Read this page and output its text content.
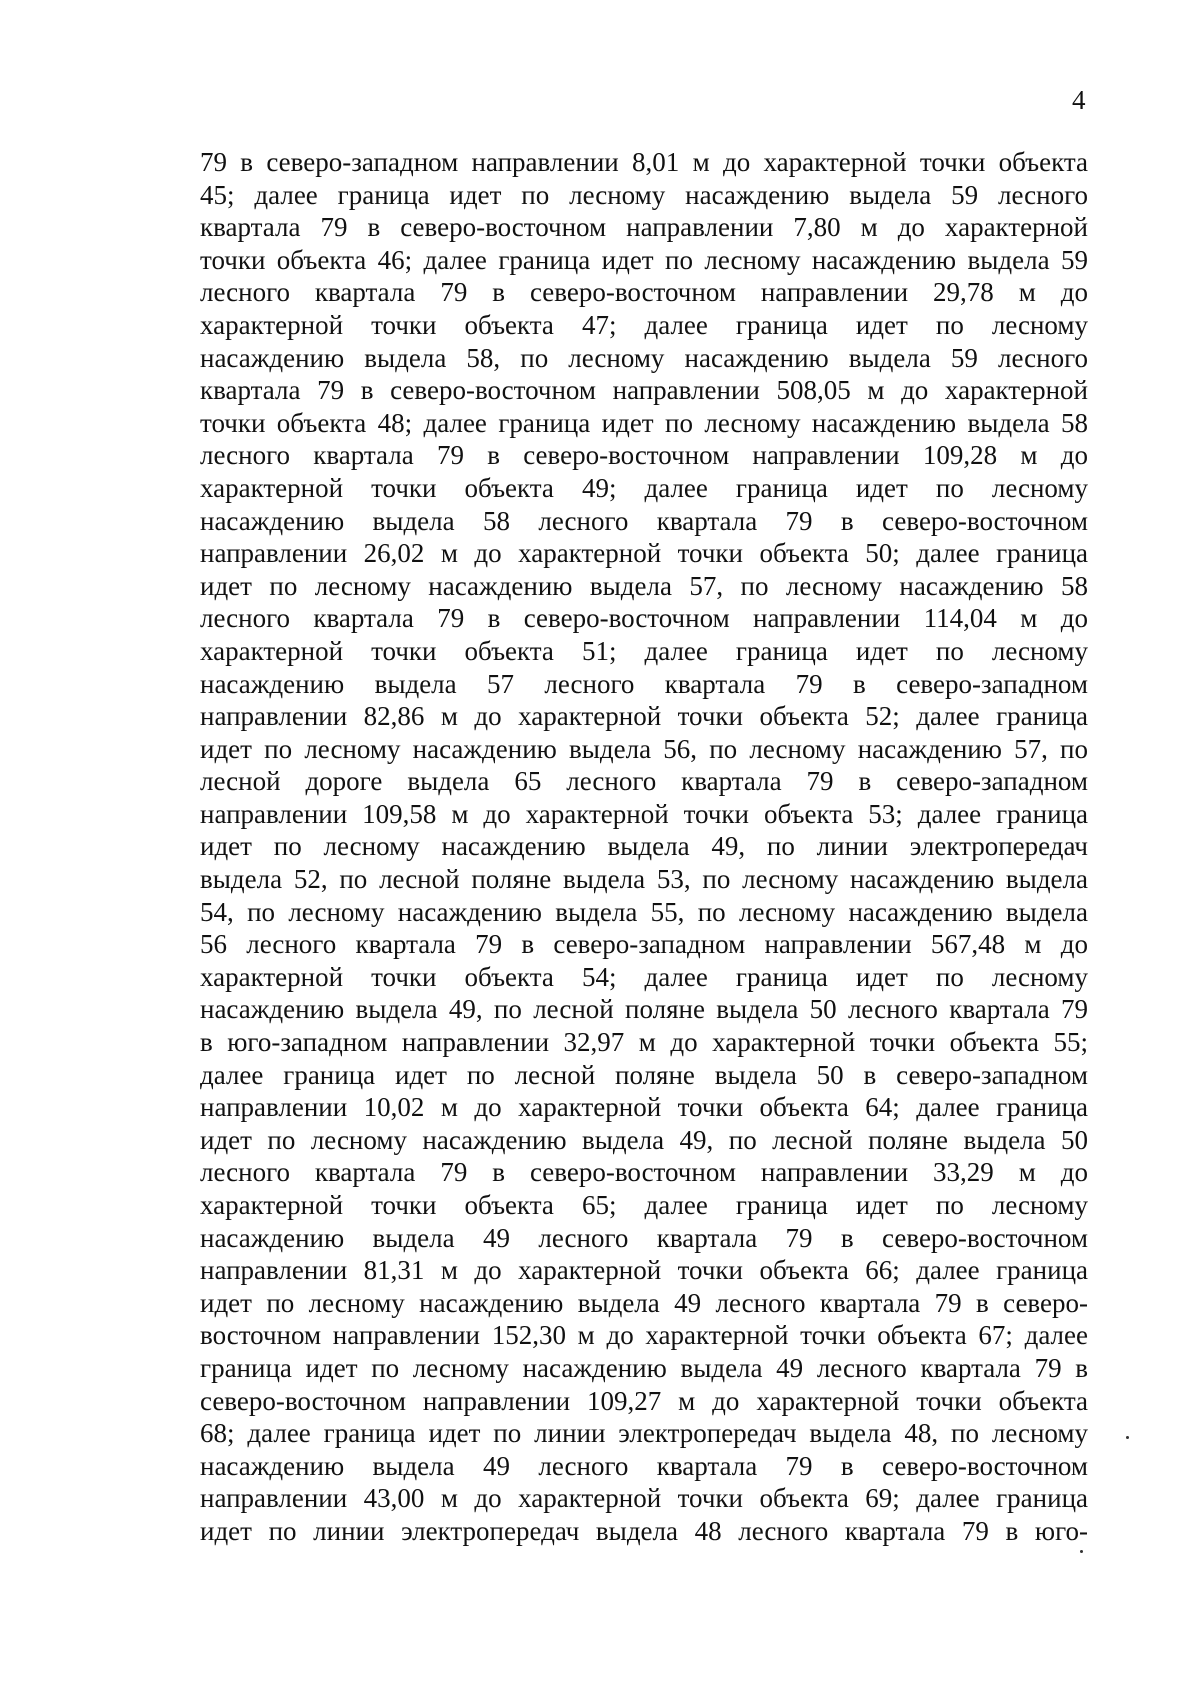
4
79 в северо-западном направлении 8,01 м до характерной точки объекта
45; далее граница идет по лесному насаждению выдела 59 лесного
квартала 79 в северо-восточном направлении 7,80 м до характерной
точки объекта 46; далее граница идет по лесному насаждению выдела 59
лесного квартала 79 в северо-восточном направлении 29,78 м до
характерной точки объекта 47; далее граница идет по лесному
насаждению выдела 58, по лесному насаждению выдела 59 лесного
квартала 79 в северо-восточном направлении 508,05 м до характерной
точки объекта 48; далее граница идет по лесному насаждению выдела 58
лесного квартала 79 в северо-восточном направлении 109,28 м до
характерной точки объекта 49; далее граница идет по лесному
насаждению выдела 58 лесного квартала 79 в северо-восточном
направлении 26,02 м до характерной точки объекта 50; далее граница
идет по лесному насаждению выдела 57, по лесному насаждению 58
лесного квартала 79 в северо-восточном направлении 114,04 м до
характерной точки объекта 51; далее граница идет по лесному
насаждению выдела 57 лесного квартала 79 в северо-западном
направлении 82,86 м до характерной точки объекта 52; далее граница
идет по лесному насаждению выдела 56, по лесному насаждению 57, по
лесной дороге выдела 65 лесного квартала 79 в северо-западном
направлении 109,58 м до характерной точки объекта 53; далее граница
идет по лесному насаждению выдела 49, по линии электропередач
выдела 52, по лесной поляне выдела 53, по лесному насаждению выдела
54, по лесному насаждению выдела 55, по лесному насаждению выдела
56 лесного квартала 79 в северо-западном направлении 567,48 м до
характерной точки объекта 54; далее граница идет по лесному
насаждению выдела 49, по лесной поляне выдела 50 лесного квартала 79
в юго-западном направлении 32,97 м до характерной точки объекта 55;
далее граница идет по лесной поляне выдела 50 в северо-западном
направлении 10,02 м до характерной точки объекта 64; далее граница
идет по лесному насаждению выдела 49, по лесной поляне выдела 50
лесного квартала 79 в северо-восточном направлении 33,29 м до
характерной точки объекта 65; далее граница идет по лесному
насаждению выдела 49 лесного квартала 79 в северо-восточном
направлении 81,31 м до характерной точки объекта 66; далее граница
идет по лесному насаждению выдела 49 лесного квартала 79 в северо-
восточном направлении 152,30 м до характерной точки объекта 67; далее
граница идет по лесному насаждению выдела 49 лесного квартала 79 в
северо-восточном направлении 109,27 м до характерной точки объекта
68; далее граница идет по линии электропередач выдела 48, по лесному
насаждению выдела 49 лесного квартала 79 в северо-восточном
направлении 43,00 м до характерной точки объекта 69; далее граница
идет по линии электропередач выдела 48 лесного квартала 79 в юго-
